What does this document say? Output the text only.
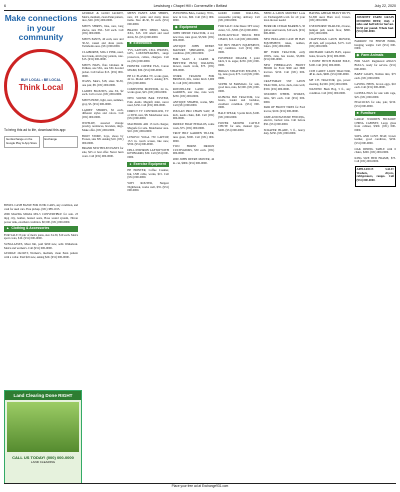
6	Lewisburg • Chapel Hill • Cornersville • Belfast	July 22, 2020
Make connections in your community
BUY LOCAL • BE LOCAL
Think Local
To bring this ad to life, download this app:
Get Exchange on the Google Play & App Store
Exchange

BISSEL CASH BASSE FOR JUNK CARS, any condition, and cash for used cars. Free pickup. (931) 388-1015.

2006 MAZDA MIATA MX-5 CONVERTIBLE for sale. 23 mpg city, leather, heated seats, Bose sound system, Nitron power tank, excellent condition. $0,500. (931) 000-0000.

▲ Clothing & Accessories

FOR SALE: 8 pair of men's jeans, size 34-30, $10 each. Men's sport coats, $10. (931) 000-0000.

SUNGLASSES, Maui Jim, paid $299 new, sells Walkabout. Men's and women's. Call (931) 000-0000.

GEORGE JACKET, Women's, medium, clean Penn pattern with a collar. Paid $45 new, asking $20. (931) 000-0000.

GEORGE & GOLD JACKET, Men's, medium, clean Penn pattern, nice, $20. (931) 000-0000.

MEN'S SHIRTS, blue, new, long sleeve, size 3XL. $10 each. Call (931) 000-0000.

MEN'S PANTS, 40 each, new and 30-32, casual and dress pants. Tullahoma area. (931) 000-0000.

CLAIBORNE, MIG 2 PINK, used, lace break, stitch gray pattern, cute. $15. (931) 000-0000.

MEN'S HATS, flats lolidaers & Pelikan, one 5XL, one 3XL hooded jacket. Call before $15. (931) 000-0000.

JEANS, Men's, $18, sizes 36-30, one pair, $8. (931) 000-0000.

LADIES BLOUSES, size 3X, $2 each. Call or text. (931) 000-0000.

MEN'S HOSE, light, new, summer, gray, $5. (931) 000-0000.

LADIES' SHORTS, $5 each, different styles and colors. Call (931) 000-0000.

JEWELRY, assorted vintage jewelry, necklaces, bracelets, rings. Make offer. (931) 000-0000.

BOOT STORE, boys, shoes by Frozen, size 8/8. Asking $10. (931) 000-0000.

BRAND NEW HELEN PANTS for sale, $25 or best offer. Never been worn. Call (931) 000-0000.

MEN'S PANTS AND SHIRTS, new, 2X pants and many more items. Size 40-30, $5 each. (931) 000-0000.

BRAND NEW SHIRT, Men's, XXL, $15. 100 small and used shirts, $5. (931) 000-0000.

■ Electronics

TVS, LAPTOPS, CELL PHONES, GPS, LOUDSPEAKERS, surge protectors, cables, chargers. Call us. (931) 000-0000.

PRINTER COPIER FAX, Canon MX490, $30. (931) 000-0000.

HP LC PLASMA TV, works great, 42 in. Model 42PC3. Asking $75. (931) 000-0000.

COMPUTER MONITOR, 24 in., works great, $25. (931) 000-0000.

NEW SOUND BAR SYSTEM, Polk Audio Magnifi mini, never used, $150. Call (931) 000-0000.

DIRECT TV CONTROLLER, TV or DVR, new, $8. Manchester area. (931) 000-0000.

MACBOOK AIR 13 inch charger, Magsafe for sale. Manchester area. $10. (931) 000-0000.

LENOVO YOGA 730 LAPTOP, 13.3 in. touch screen, like new, $350. (931) 000-0000.

DELL INSPIRON LAPTOP WITH KEYBOARD, $30. Call (931) 000-0000.

● Exercise Equipment

HP PRINTER, Coffee Counter, Ink, USB cable, works, $15. Call (931) 000-0000.

WIFI ROUTER, Netgear Nighthawk, works well, $35. (931) 000-0000.

PUNCHING BAG, Century, 70 lb., new in box, $60. Call (931) 000-0000.

◆ Equipment

JOHN DEERE TRACTOR, 4 wd, new tires, runs great, $3,500. (931) 000-0000.

ANTIQUE JOHN DEERE MANURE SPREADER, good condition. (931) 000-0000.

FOR SALE: 4 CARDS & BRYSTER HUSQ WALKING mower, needs work, $75. (931) 000-0000.

WORK TRAILER FOR BRONCO, lifts, trailer hitch 3,000 lb. Call (931) 000-0000.

ROTOTILLER LAND AND GARDEN, rear tine, runs well, $250. (931) 000-0000.

ANTIQUE SHAPER, works, $80. Call (931) 000-0000.

POULAN PRO CHAIN SAW, 18 inch, needs chain, $40. Call (931) 000-0000.

PADDLE BOAT PEDALOS, some work, $75. (931) 000-0000.

TROY BILT GARDEN TILLER, runs great, $500. Call (931) 000-0000.

TWO HORSE DRAWN CULTIVATORS, $50 each. (931) 000-0000.

2000 JOHN DEERE MOWER, 42 in. cut, $900. (931) 000-0000.

GOOD CORD WALLING, reasonable pricing, delivery. Call (931) 000-0000.

FOR SALE: John Deere 3PT rotary cutter, 5 ft., $500. (931) 000-0000.

DUNCANVILLE TRUCK BED CHAIN, $15. Call (931) 000-0000.

WE BUY HEAVY EQUIPMENT, any condition. Call (931) 000-0000.

POSTHOLE DIGGER, 3 point hitch, 9 in. auger, $250. (931) 000-0000.

BRIGGS STRATTON ENGINE, 5 hp, runs good, $75. Call (931) 000-0000.

SUPER M FARMALL for sale, good tires, runs, $2,500. (931) 000-0000.

KUBOTA B26 TRACTOR, low hours, loader and backhoe, excellent condition. (931) 000-0000.

BALE SPEAR, 3 point hitch, $100. (931) 000-0000.

POWER MOWER CATTLE CHUTE for sale, manual type. $200. (931) 000-0000.

NEED A LAWN MOWER? Look on Exchange931.com for all your lawn mower needs!

BURR OR CEDAR BARRELS, 50 gallon steel barrels, $10 each. (931) 000-0000.

NEW HOLLAND CASE IH HAY EQUIPMENT, rakes, tedders, balers. (931) 000-0000.

MF FORD TRACTOR, early 1950's, runs, has loader, $3,000. (931) 000-0000.

NEW FIBERGLASS FRONT HOOD for Ford 3000 and 3600 tractors. $150. Call (931) 000-0000.

CRAFTSMAN 5XT LAWN TRACTOR, 42 in. deck, runs well, $350. (931) 000-0000.

WOODEN WHEEL SPOKES, rims, $25 each. Call (931) 000-0000.

PAIR OF FRONT TIRES for Ford tractor, $100. (931) 000-0000.

LIME AND PASTURE FENCING, electric, barbed wire. Call before $50. (931) 000-0000.

SCRAPER BLADE, 5 ft., heavy duty, $250. (931) 000-0000.

HAVING AHEAD HEAVY DUTY, $1,500 used. Barn roof, brown. (931) 000-0000.

USED HORSE TRAILER, 2 horse, bumper pull, needs floor, $800. (931) 000-0000.

CRAFTSMAN LAWN MOWER, 20 inch, self propelled, $175. Call (931) 000-0000.

ORCHARD GRASS HAY, square bales, $4 each. (931) 000-0000.

3 POINT HITCH BOOM POLE, $100. Call (931) 000-0000.

CUB CADET LAWN TRACTOR, 48 in. deck, $900. (931) 000-0000.

MF 135 TRACTOR, gas, power steering, $4,500. (931) 000-0000.

WANTED: Bush Hog, 5 ft., any condition. Call (931) 000-0000.

JOURNEY FARM GRAIN FINISHED BEEF, Only 2 sides and half left for harvest. $4.50 per pound. Whole beef. (931) 000-0000.

FARROW TO FINISH PORK, hanging weight. Call (931) 000-0000.

◆ Farm Animals

FOR SALE: Registered ANGUS BULLS, ready for service. (931) 000-0000.

BABY GOATS, Nubian mix, $75 each. (931) 000-0000.

LAYING HENS, brown eggs, $10 each. Call (931) 000-0000.

GUINEA PIGS for sale with cage, $25. (931) 000-0000.

PEACOCKS for sale, pair, $150. (931) 000-0000.

■ Furniture

LARGE WOODEN HICKORY CHINA CABINET, Large glass front cabinet, $300. (931) 000-0000.

SOFA AND LOVE SEAT, brown leather, good condition, $250. (931) 000-0000.

OAK DINING TABLE with 6 chairs, $200. (931) 000-0000.

KING SIZE BED FRAME, $75. Call (931) 000-0000.

APPLIANCE SALE! Washers, dryers, refrigerators, ranges. Call (931) 000-0000.

Land Clearing Done RIGHT
CALL US TODAY! (000) 000-0000
LAND CLEARING
Place your free ad at Exchange931.com
